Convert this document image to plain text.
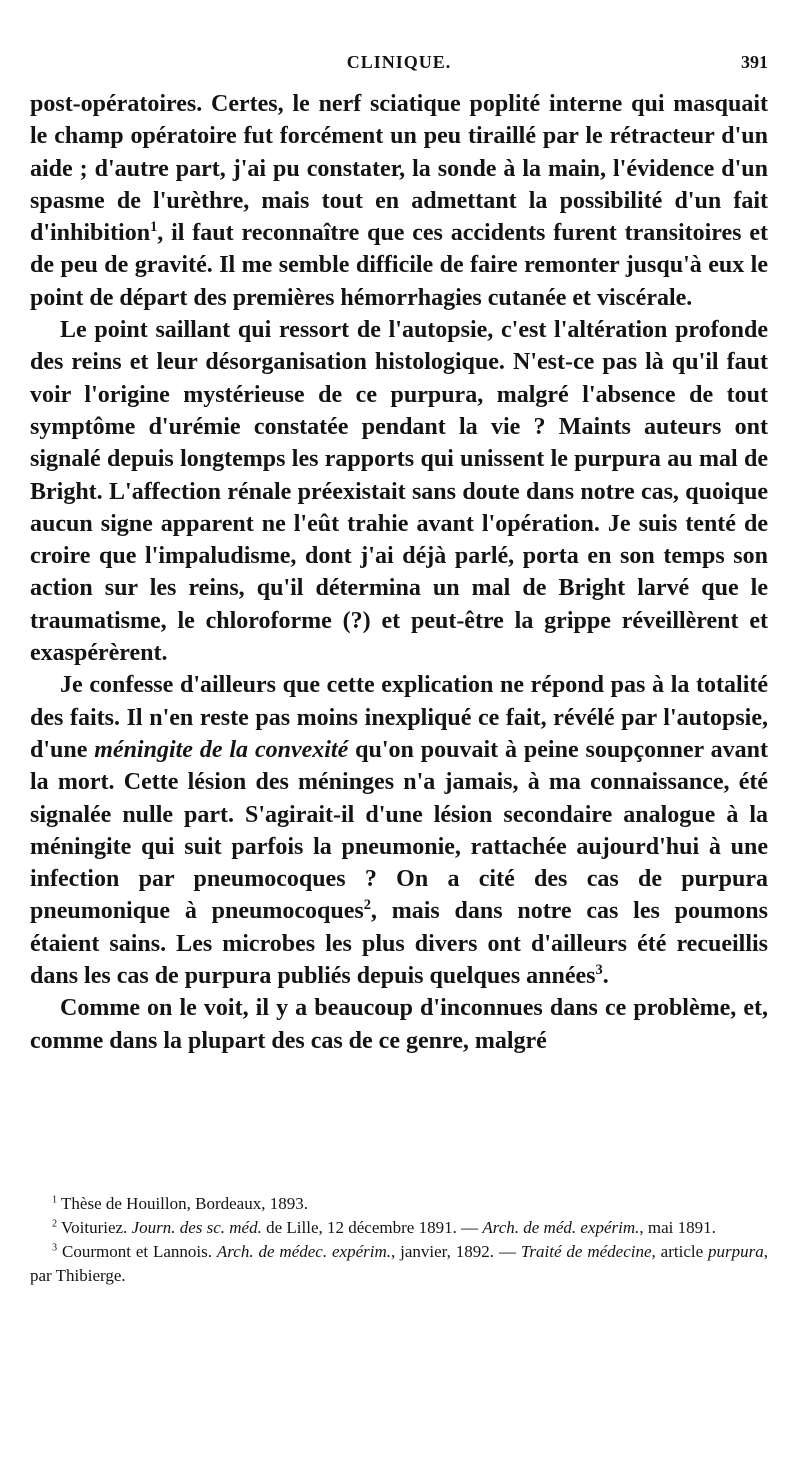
CLINIQUE.	391

post-opératoires. Certes, le nerf sciatique poplité interne qui masquait le champ opératoire fut forcément un peu tiraillé par le rétracteur d'un aide ; d'autre part, j'ai pu constater, la sonde à la main, l'évidence d'un spasme de l'urèthre, mais tout en admettant la possibilité d'un fait d'inhibition$^1$, il faut reconnaître que ces accidents furent transitoires et de peu de gravité. Il me semble difficile de faire remonter jusqu'à eux le point de départ des premières hémorrhagies cutanée et viscérale.

Le point saillant qui ressort de l'autopsie, c'est l'altération profonde des reins et leur désorganisation histologique. N'est-ce pas là qu'il faut voir l'origine mystérieuse de ce purpura, malgré l'absence de tout symptôme d'urémie constatée pendant la vie ? Maints auteurs ont signalé depuis longtemps les rapports qui unissent le purpura au mal de Bright. L'affection rénale préexistait sans doute dans notre cas, quoique aucun signe apparent ne l'eût trahie avant l'opération. Je suis tenté de croire que l'impaludisme, dont j'ai déjà parlé, porta en son temps son action sur les reins, qu'il détermina un mal de Bright larvé que le traumatisme, le chloroforme (?) et peut-être la grippe réveillèrent et exaspérèrent.

Je confesse d'ailleurs que cette explication ne répond pas à la totalité des faits. Il n'en reste pas moins inexpliqué ce fait, révélé par l'autopsie, d'une méningite de la convexité qu'on pouvait à peine soupçonner avant la mort. Cette lésion des méninges n'a jamais, à ma connaissance, été signalée nulle part. S'agirait-il d'une lésion secondaire analogue à la méningite qui suit parfois la pneumonie, rattachée aujourd'hui à une infection par pneumocoques ? On a cité des cas de purpura pneumonique à pneumocoques$^2$, mais dans notre cas les poumons étaient sains. Les microbes les plus divers ont d'ailleurs été recueillis dans les cas de purpura publiés depuis quelques années$^3$.

Comme on le voit, il y a beaucoup d'inconnues dans ce problème, et, comme dans la plupart des cas de ce genre, malgré

$^1$ Thèse de Houillon, Bordeaux, 1893.

$^2$ Voituriez. Journ. des sc. méd. de Lille, 12 décembre 1891. — Arch. de méd. expérim., mai 1891.

$^3$ Courmont et Lannois. Arch. de médec. expérim., janvier, 1892. — Traité de médecine, article purpura, par Thibierge.
